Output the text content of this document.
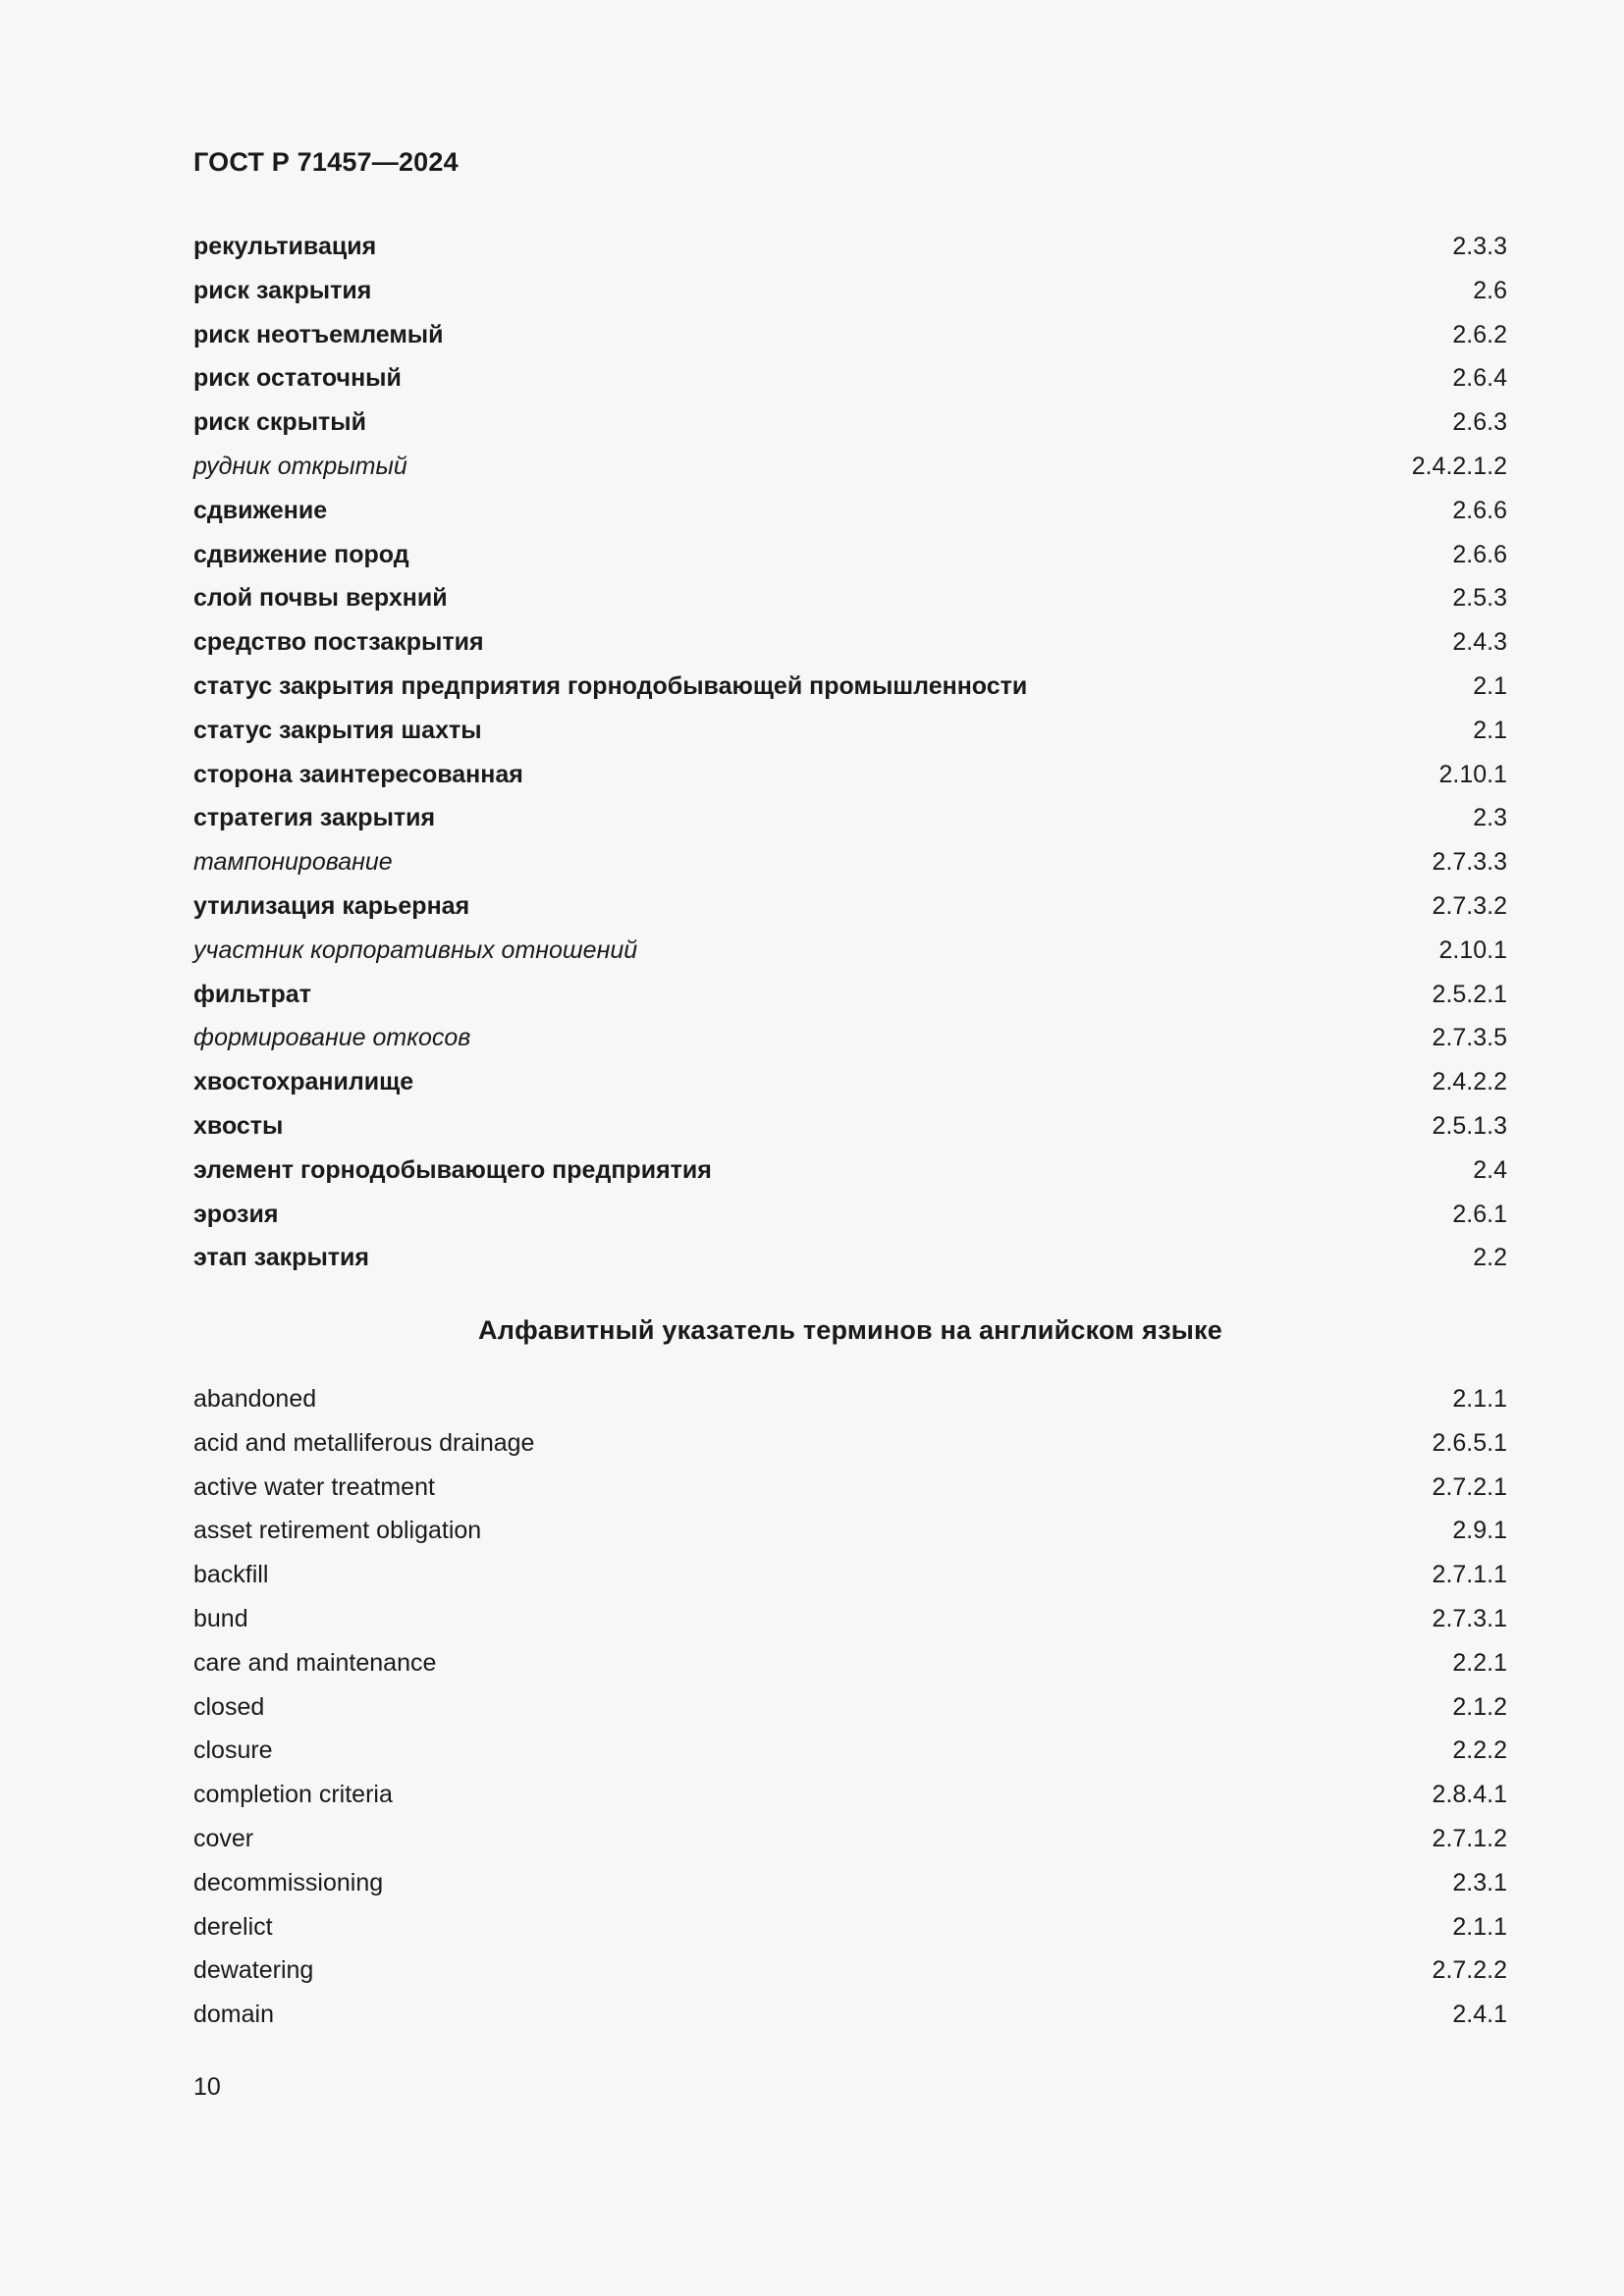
ГОСТ Р 71457—2024
рекультивация	2.3.3
риск закрытия	2.6
риск неотъемлемый	2.6.2
риск остаточный	2.6.4
риск скрытый	2.6.3
рудник открытый	2.4.2.1.2
сдвижение	2.6.6
сдвижение пород	2.6.6
слой почвы верхний	2.5.3
средство постзакрытия	2.4.3
статус закрытия предприятия горнодобывающей промышленности	2.1
статус закрытия шахты	2.1
сторона заинтересованная	2.10.1
стратегия закрытия	2.3
тампонирование	2.7.3.3
утилизация карьерная	2.7.3.2
участник корпоративных отношений	2.10.1
фильтрат	2.5.2.1
формирование откосов	2.7.3.5
хвостохранилище	2.4.2.2
хвосты	2.5.1.3
элемент горнодобывающего предприятия	2.4
эрозия	2.6.1
этап закрытия	2.2
Алфавитный указатель терминов на английском языке
abandoned	2.1.1
acid and metalliferous drainage	2.6.5.1
active water treatment	2.7.2.1
asset retirement obligation	2.9.1
backfill	2.7.1.1
bund	2.7.3.1
care and maintenance	2.2.1
closed	2.1.2
closure	2.2.2
completion criteria	2.8.4.1
cover	2.7.1.2
decommissioning	2.3.1
derelict	2.1.1
dewatering	2.7.2.2
domain	2.4.1

10
